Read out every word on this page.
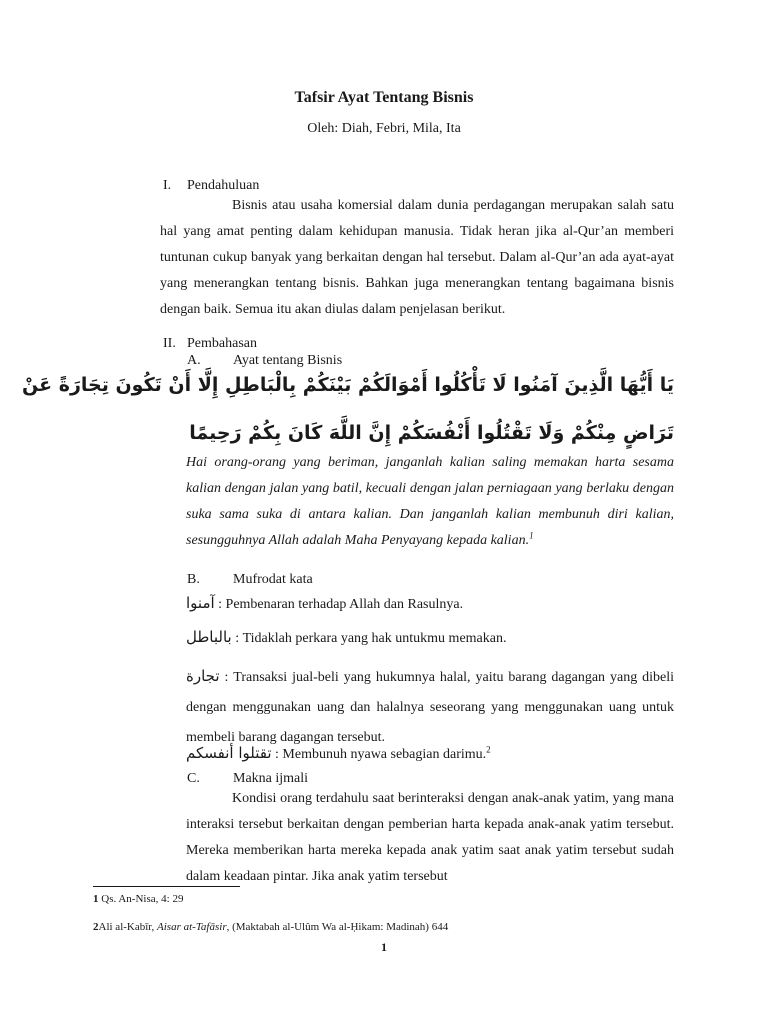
Tafsir Ayat Tentang Bisnis
Oleh: Diah, Febri, Mila, Ita
I. Pendahuluan
Bisnis atau usaha komersial dalam dunia perdagangan merupakan salah satu hal yang amat penting dalam kehidupan manusia. Tidak heran jika al-Qur’an memberi tuntunan cukup banyak yang berkaitan dengan hal tersebut. Dalam al-Qur’an ada ayat-ayat yang menerangkan tentang bisnis. Bahkan juga menerangkan tentang bagaimana bisnis dengan baik. Semua itu akan diulas dalam penjelasan berikut.
II. Pembahasan
A. Ayat tentang Bisnis
يَا أَيُّهَا الَّذِينَ آمَنُوا لَا تَأْكُلُوا أَمْوَالَكُمْ بَيْنَكُمْ بِالْبَاطِلِ إِلَّا أَنْ تَكُونَ تِجَارَةً عَنْ
تَرَاضٍ مِنْكُمْ وَلَا تَقْتُلُوا أَنْفُسَكُمْ إِنَّ اللَّهَ كَانَ بِكُمْ رَحِيمًا
Hai orang-orang yang beriman, janganlah kalian saling memakan harta sesama kalian dengan jalan yang batil, kecuali dengan jalan perniagaan yang berlaku dengan suka sama suka di antara kalian. Dan janganlah kalian membunuh diri kalian, sesungguhnya Allah adalah Maha Penyayang kepada kalian.$^1$
B. Mufrodat kata
آمنوا : Pembenaran terhadap Allah dan Rasulnya.
بالباطل : Tidaklah perkara yang hak untukmu memakan.
تجارة : Transaksi jual-beli yang hukumnya halal, yaitu barang dagangan yang dibeli dengan menggunakan uang dan halalnya seseorang yang menggunakan uang untuk membeli barang dagangan tersebut.
تقتلوا أنفسكم : Membunuh nyawa sebagian darimu.$^2$
C. Makna ijmali
Kondisi orang terdahulu saat berinteraksi dengan anak-anak yatim, yang mana interaksi tersebut berkaitan dengan pemberian harta kepada anak-anak yatim tersebut. Mereka memberikan harta mereka kepada anak yatim saat anak yatim tersebut sudah dalam keadaan pintar. Jika anak yatim tersebut
1 Qs. An-Nisa, 4: 29
2Ali al-Kabīr, Aisar at-Tafāsir, (Maktabah al-Ulûm Wa al-Ḥikam: Madinah) 644
1
